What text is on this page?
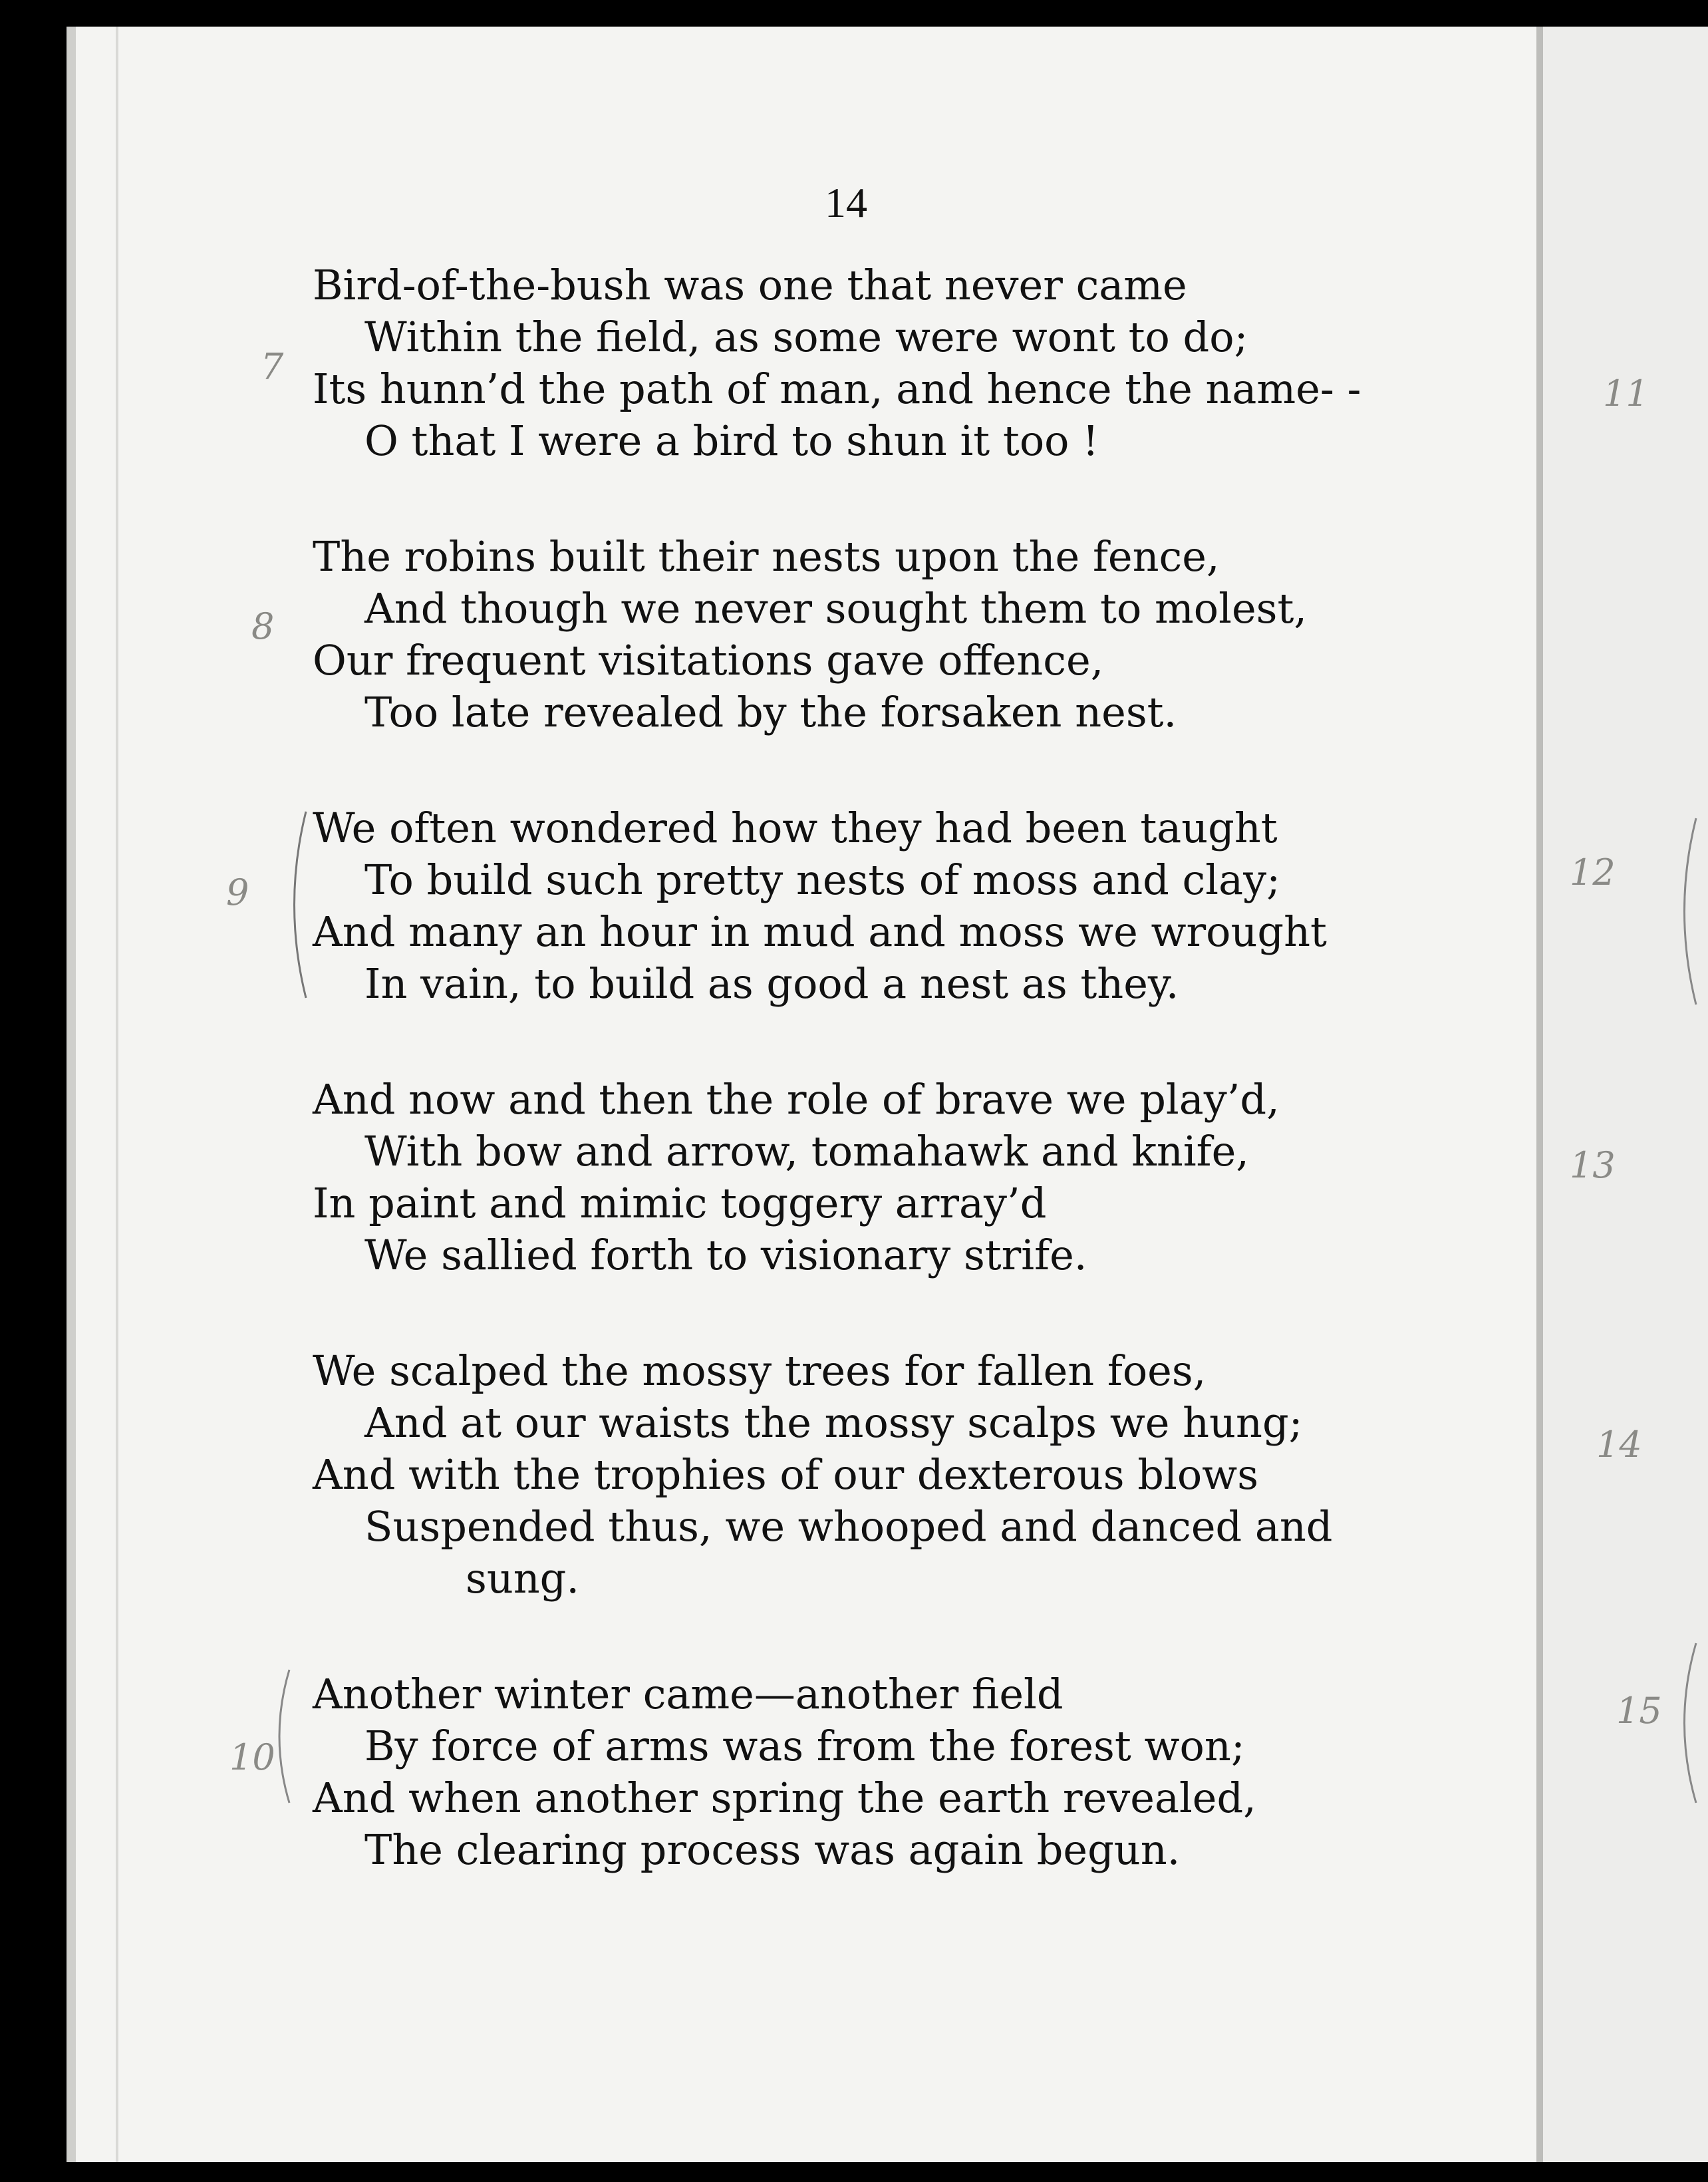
14
Bird-of-the-bush was one that never came
Within the field, as some were wont to do;
Its hunn’d the path of man, and hence the name- -
O that I were a bird to shun it too !
The robins built their nests upon the fence,
And though we never sought them to molest,
Our frequent visitations gave offence,
Too late revealed by the forsaken nest.
We often wondered how they had been taught
To build such pretty nests of moss and clay;
And many an hour in mud and moss we wrought
In vain, to build as good a nest as they.
And now and then the role of brave we play’d,
With bow and arrow, tomahawk and knife,
In paint and mimic toggery array’d
We sallied forth to visionary strife.
We scalped the mossy trees for fallen foes,
And at our waists the mossy scalps we hung;
And with the trophies of our dexterous blows
Suspended thus, we whooped and danced and
sung.
Another winter came—another field
By force of arms was from the forest won;
And when another spring the earth revealed,
The clearing process was again begun.
7
8
9
10
11
12
13
14
15
